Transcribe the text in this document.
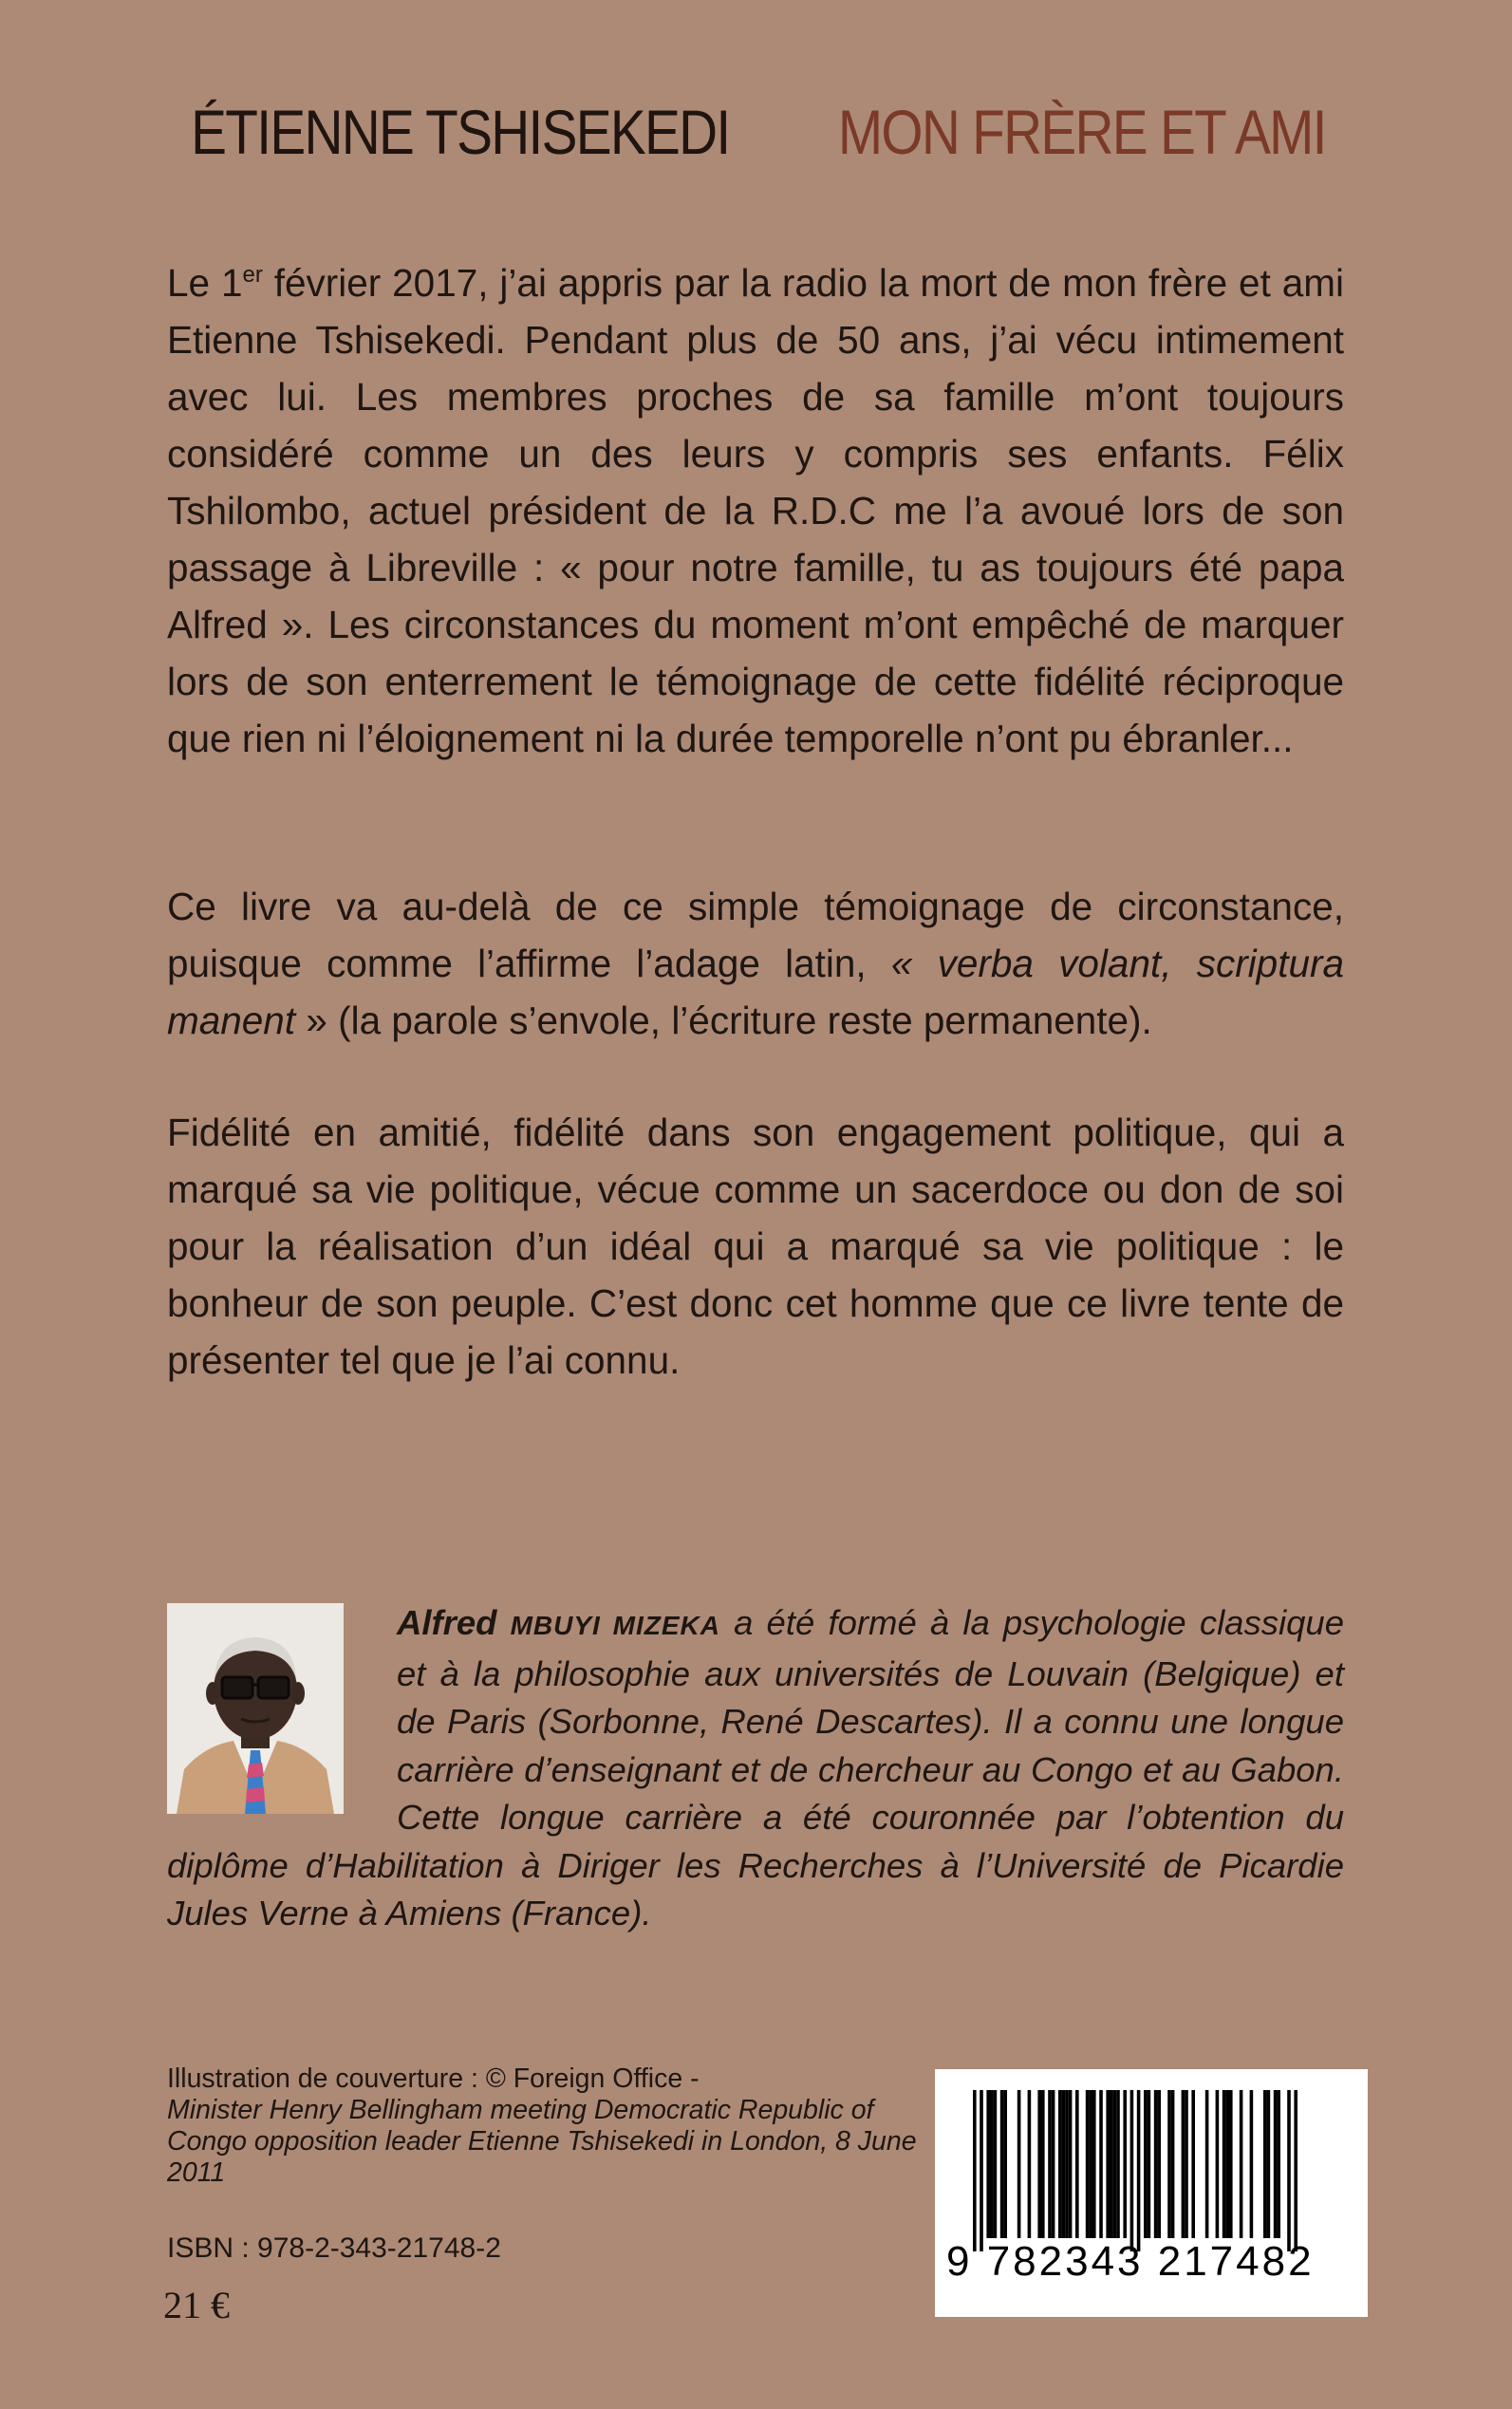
ÉTIENNE TSHISEKEDI MON FRÈRE ET AMI

Le 1er février 2017, j’ai appris par la radio la mort de mon frère et ami Etienne Tshisekedi. Pendant plus de 50 ans, j’ai vécu intimement avec lui. Les membres proches de sa famille m’ont toujours considéré comme un des leurs y compris ses enfants. Félix Tshilombo, actuel président de la R.D.C me l’a avoué lors de son passage à Libreville : « pour notre famille, tu as toujours été papa Alfred ». Les circonstances du moment m’ont empêché de marquer lors de son enterrement le témoignage de cette fidélité réciproque que rien ni l’éloignement ni la durée temporelle n’ont pu ébranler...

Ce livre va au-delà de ce simple témoignage de circonstance, puisque comme l’affirme l’adage latin, « verba volant, scriptura manent » (la parole s’envole, l’écriture reste permanente).

Fidélité en amitié, fidélité dans son engagement politique, qui a marqué sa vie politique, vécue comme un sacerdoce ou don de soi pour la réalisation d’un idéal qui a marqué sa vie politique : le bonheur de son peuple. C’est donc cet homme que ce livre tente de présenter tel que je l’ai connu.

Alfred MBUYI MIZEKA a été formé à la psychologie classique et à la philosophie aux universités de Louvain (Belgique) et de Paris (Sorbonne, René Descartes). Il a connu une longue carrière d’enseignant et de chercheur au Congo et au Gabon. Cette longue carrière a été couronnée par l’obtention du diplôme d’Habilitation à Diriger les Recherches à l’Université de Picardie Jules Verne à Amiens (France).
Illustration de couverture : © Foreign Office -
Minister Henry Bellingham meeting Democratic Republic of Congo opposition leader Etienne Tshisekedi in London, 8 June 2011
ISBN : 978-2-343-21748-2
21 €
9 782343 217482
